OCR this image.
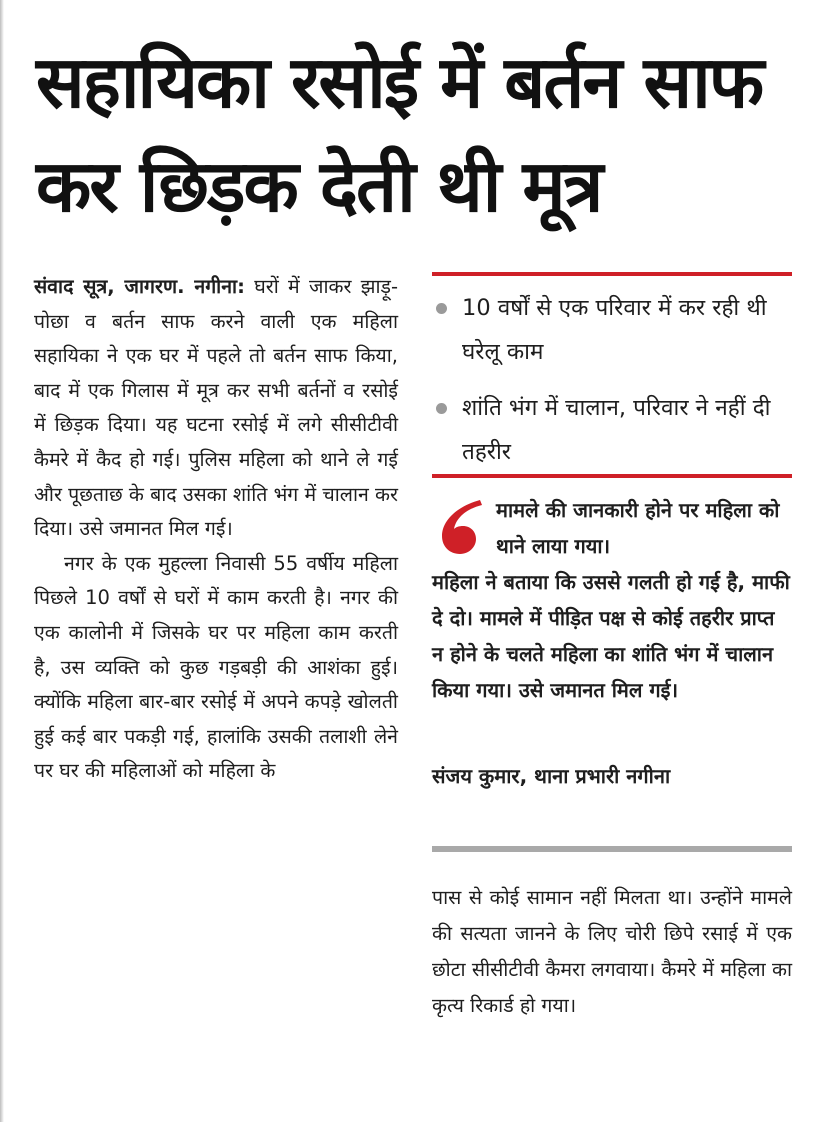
सहायिका रसोई में बर्तन साफ कर छिड़क देती थी मूत्र

संवाद सूत्र, जागरण. नगीना: घरों में जाकर झाड़ू-पोछा व बर्तन साफ करने वाली एक महिला सहायिका ने एक घर में पहले तो बर्तन साफ किया, बाद में एक गिलास में मूत्र कर सभी बर्तनों व रसोई में छिड़क दिया। यह घटना रसोई में लगे सीसीटीवी कैमरे में कैद हो गई। पुलिस महिला को थाने ले गई और पूछताछ के बाद उसका शांति भंग में चालान कर दिया। उसे जमानत मिल गई।

नगर के एक मुहल्ला निवासी 55 वर्षीय महिला पिछले 10 वर्षों से घरों में काम करती है। नगर की एक कालोनी में जिसके घर पर महिला काम करती है, उस व्यक्ति को कुछ गड़बड़ी की आशंका हुई। क्योंकि महिला बार-बार रसोई में अपने कपड़े खोलती हुई कई बार पकड़ी गई, हालांकि उसकी तलाशी लेने पर घर की महिलाओं को महिला के

10 वर्षों से एक परिवार में कर रही थी घरेलू काम
शांति भंग में चालान, परिवार ने नहीं दी तहरीर

मामले की जानकारी होने पर महिला को थाने लाया गया।
महिला ने बताया कि उससे गलती हो गई है, माफी दे दो। मामले में पीड़ित पक्ष से कोई तहरीर प्राप्त न होने के चलते महिला का शांति भंग में चालान किया गया। उसे जमानत मिल गई।

संजय कुमार, थाना प्रभारी नगीना

पास से कोई सामान नहीं मिलता था। उन्होंने मामले की सत्यता जानने के लिए चोरी छिपे रसाई में एक छोटा सीसीटीवी कैमरा लगवाया। कैमरे में महिला का कृत्य रिकार्ड हो गया।
